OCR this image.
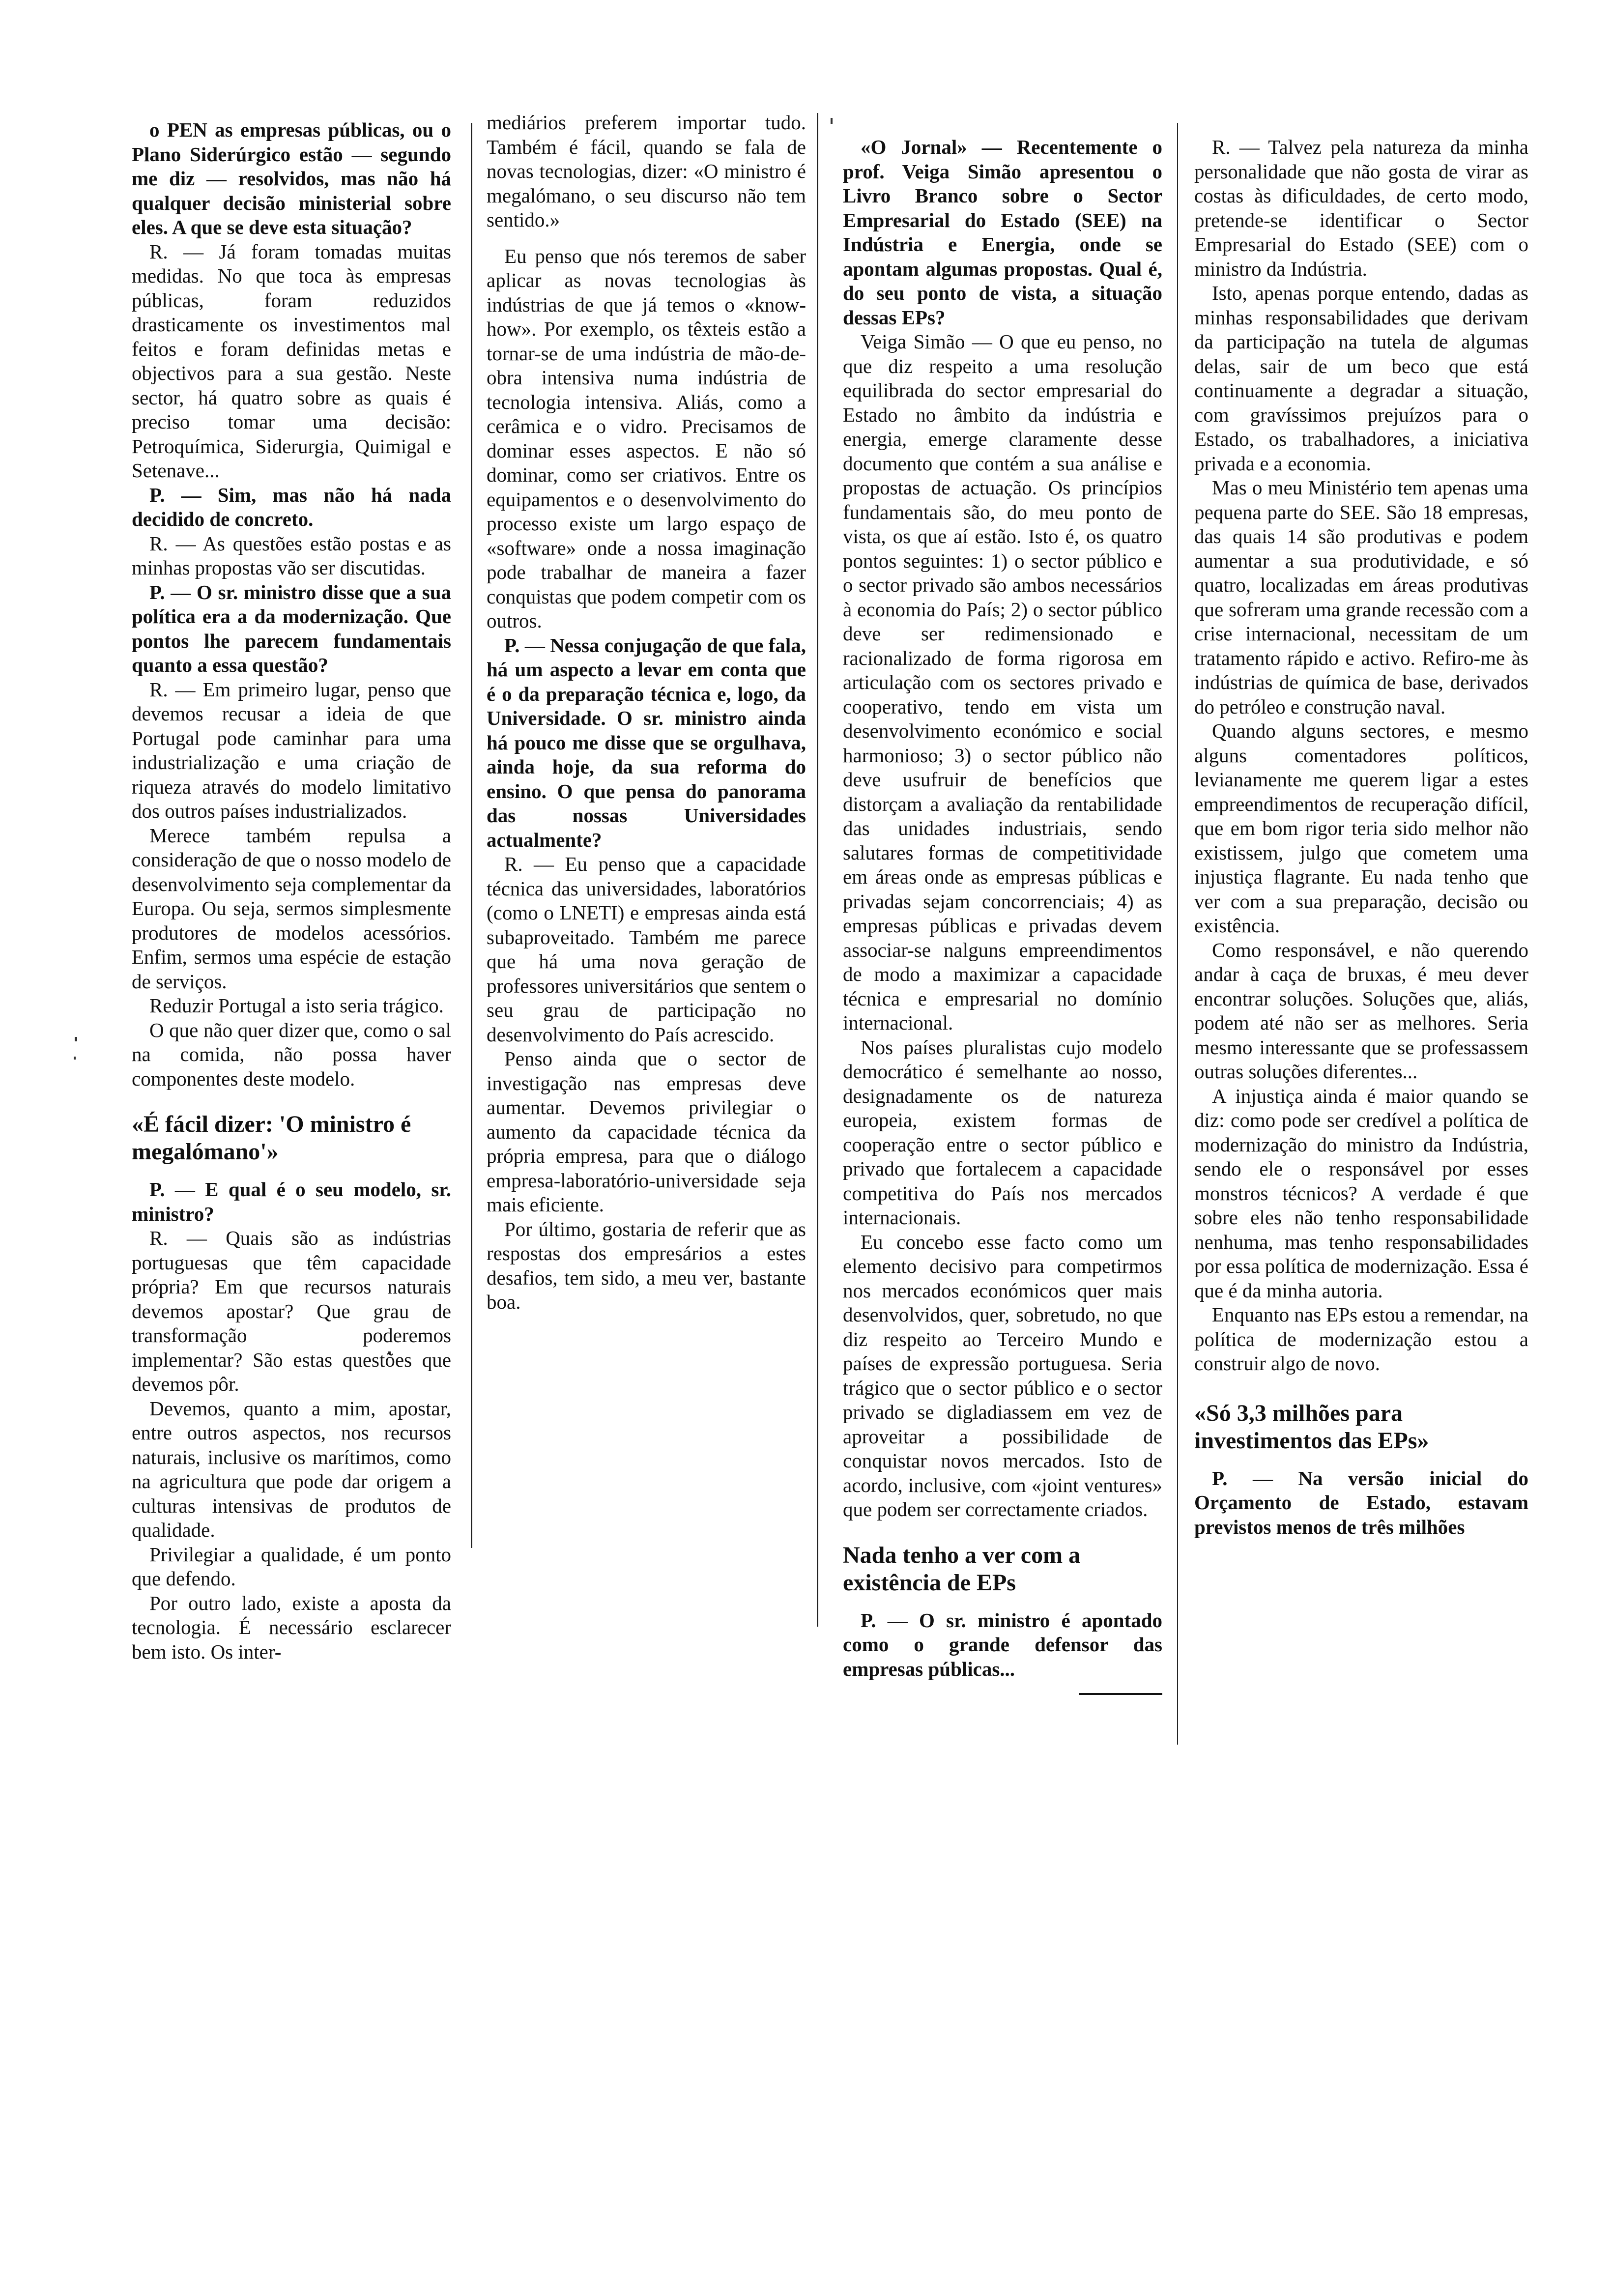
o PEN as empresas públicas, ou o Plano Siderúrgico estão — segundo me diz — resolvidos, mas não há qualquer decisão ministerial sobre eles. A que se deve esta situação?

R. — Já foram tomadas muitas medidas. No que toca às empresas públicas, foram reduzidos drasticamente os investimentos mal feitos e foram definidas metas e objectivos para a sua gestão. Neste sector, há quatro sobre as quais é preciso tomar uma decisão: Petroquímica, Siderurgia, Quimigal e Setenave...

P. — Sim, mas não há nada decidido de concreto.

R. — As questões estão postas e as minhas propostas vão ser discutidas.

P. — O sr. ministro disse que a sua política era a da modernização. Que pontos lhe parecem fundamentais quanto a essa questão?

R. — Em primeiro lugar, penso que devemos recusar a ideia de que Portugal pode caminhar para uma industrialização e uma criação de riqueza através do modelo limitativo dos outros países industrializados.

Merece também repulsa a consideração de que o nosso modelo de desenvolvimento seja complementar da Europa. Ou seja, sermos simplesmente produtores de modelos acessórios. Enfim, sermos uma espécie de estação de serviços.

Reduzir Portugal a isto seria trágico.

O que não quer dizer que, como o sal na comida, não possa haver componentes deste modelo.

«É fácil dizer: 'O ministro é megalómano'»

P. — E qual é o seu modelo, sr. ministro?

R. — Quais são as indústrias portuguesas que têm capacidade própria? Em que recursos naturais devemos apostar? Que grau de transformação poderemos implementar? São estas questões que devemos pôr.

Devemos, quanto a mim, apostar, entre outros aspectos, nos recursos naturais, inclusive os marítimos, como na agricultura que pode dar origem a culturas intensivas de produtos de qualidade.

Privilegiar a qualidade, é um ponto que defendo.

Por outro lado, existe a aposta da tecnologia. É necessário esclarecer bem isto. Os inter-

mediários preferem importar tudo. Também é fácil, quando se fala de novas tecnologias, dizer: «O ministro é megalómano, o seu discurso não tem sentido.»

Eu penso que nós teremos de saber aplicar as novas tecnologias às indústrias de que já temos o «know-how». Por exemplo, os têxteis estão a tornar-se de uma indústria de mão-de-obra intensiva numa indústria de tecnologia intensiva. Aliás, como a cerâmica e o vidro. Precisamos de dominar esses aspectos. E não só dominar, como ser criativos. Entre os equipamentos e o desenvolvimento do processo existe um largo espaço de «software» onde a nossa imaginação pode trabalhar de maneira a fazer conquistas que podem competir com os outros.

P. — Nessa conjugação de que fala, há um aspecto a levar em conta que é o da preparação técnica e, logo, da Universidade. O sr. ministro ainda há pouco me disse que se orgulhava, ainda hoje, da sua reforma do ensino. O que pensa do panorama das nossas Universidades actualmente?

R. — Eu penso que a capacidade técnica das universidades, laboratórios (como o LNETI) e empresas ainda está subaproveitado. Também me parece que há uma nova geração de professores universitários que sentem o seu grau de participação no desenvolvimento do País acrescido.

Penso ainda que o sector de investigação nas empresas deve aumentar. Devemos privilegiar o aumento da capacidade técnica da própria empresa, para que o diálogo empresa-laboratório-universidade seja mais eficiente.

Por último, gostaria de referir que as respostas dos empresários a estes desafios, tem sido, a meu ver, bastante boa.

«O Jornal» — Recentemente o prof. Veiga Simão apresentou o Livro Branco sobre o Sector Empresarial do Estado (SEE) na Indústria e Energia, onde se apontam algumas propostas. Qual é, do seu ponto de vista, a situação dessas EPs?

Veiga Simão — O que eu penso, no que diz respeito a uma resolução equilibrada do sector empresarial do Estado no âmbito da indústria e energia, emerge claramente desse documento que contém a sua análise e propostas de actuação. Os princípios fundamentais são, do meu ponto de vista, os que aí estão. Isto é, os quatro pontos seguintes: 1) o sector público e o sector privado são ambos necessários à economia do País; 2) o sector público deve ser redimensionado e racionalizado de forma rigorosa em articulação com os sectores privado e cooperativo, tendo em vista um desenvolvimento económico e social harmonioso; 3) o sector público não deve usufruir de benefícios que distorçam a avaliação da rentabilidade das unidades industriais, sendo salutares formas de competitividade em áreas onde as empresas públicas e privadas sejam concorrenciais; 4) as empresas públicas e privadas devem associar-se nalguns empreendimentos de modo a maximizar a capacidade técnica e empresarial no domínio internacional.

Nos países pluralistas cujo modelo democrático é semelhante ao nosso, designadamente os de natureza europeia, existem formas de cooperação entre o sector público e privado que fortalecem a capacidade competitiva do País nos mercados internacionais.

Eu concebo esse facto como um elemento decisivo para competirmos nos mercados económicos quer mais desenvolvidos, quer, sobretudo, no que diz respeito ao Terceiro Mundo e países de expressão portuguesa. Seria trágico que o sector público e o sector privado se digladiassem em vez de aproveitar a possibilidade de conquistar novos mercados. Isto de acordo, inclusive, com «joint ventures» que podem ser correctamente criados.

Nada tenho a ver com a existência de EPs

P. — O sr. ministro é apontado como o grande defensor das empresas públicas...

R. — Talvez pela natureza da minha personalidade que não gosta de virar as costas às dificuldades, de certo modo, pretende-se identificar o Sector Empresarial do Estado (SEE) com o ministro da Indústria.

Isto, apenas porque entendo, dadas as minhas responsabilidades que derivam da participação na tutela de algumas delas, sair de um beco que está continuamente a degradar a situação, com gravíssimos prejuízos para o Estado, os trabalhadores, a iniciativa privada e a economia.

Mas o meu Ministério tem apenas uma pequena parte do SEE. São 18 empresas, das quais 14 são produtivas e podem aumentar a sua produtividade, e só quatro, localizadas em áreas produtivas que sofreram uma grande recessão com a crise internacional, necessitam de um tratamento rápido e activo. Refiro-me às indústrias de química de base, derivados do petróleo e construção naval.

Quando alguns sectores, e mesmo alguns comentadores políticos, levianamente me querem ligar a estes empreendimentos de recuperação difícil, que em bom rigor teria sido melhor não existissem, julgo que cometem uma injustiça flagrante. Eu nada tenho que ver com a sua preparação, decisão ou existência.

Como responsável, e não querendo andar à caça de bruxas, é meu dever encontrar soluções. Soluções que, aliás, podem até não ser as melhores. Seria mesmo interessante que se professassem outras soluções diferentes...

A injustiça ainda é maior quando se diz: como pode ser credível a política de modernização do ministro da Indústria, sendo ele o responsável por esses monstros técnicos? A verdade é que sobre eles não tenho responsabilidade nenhuma, mas tenho responsabilidades por essa política de modernização. Essa é que é da minha autoria.

Enquanto nas EPs estou a remendar, na política de modernização estou a construir algo de novo.

«Só 3,3 milhões para investimentos das EPs»

P. — Na versão inicial do Orçamento de Estado, estavam previstos menos de três milhões
